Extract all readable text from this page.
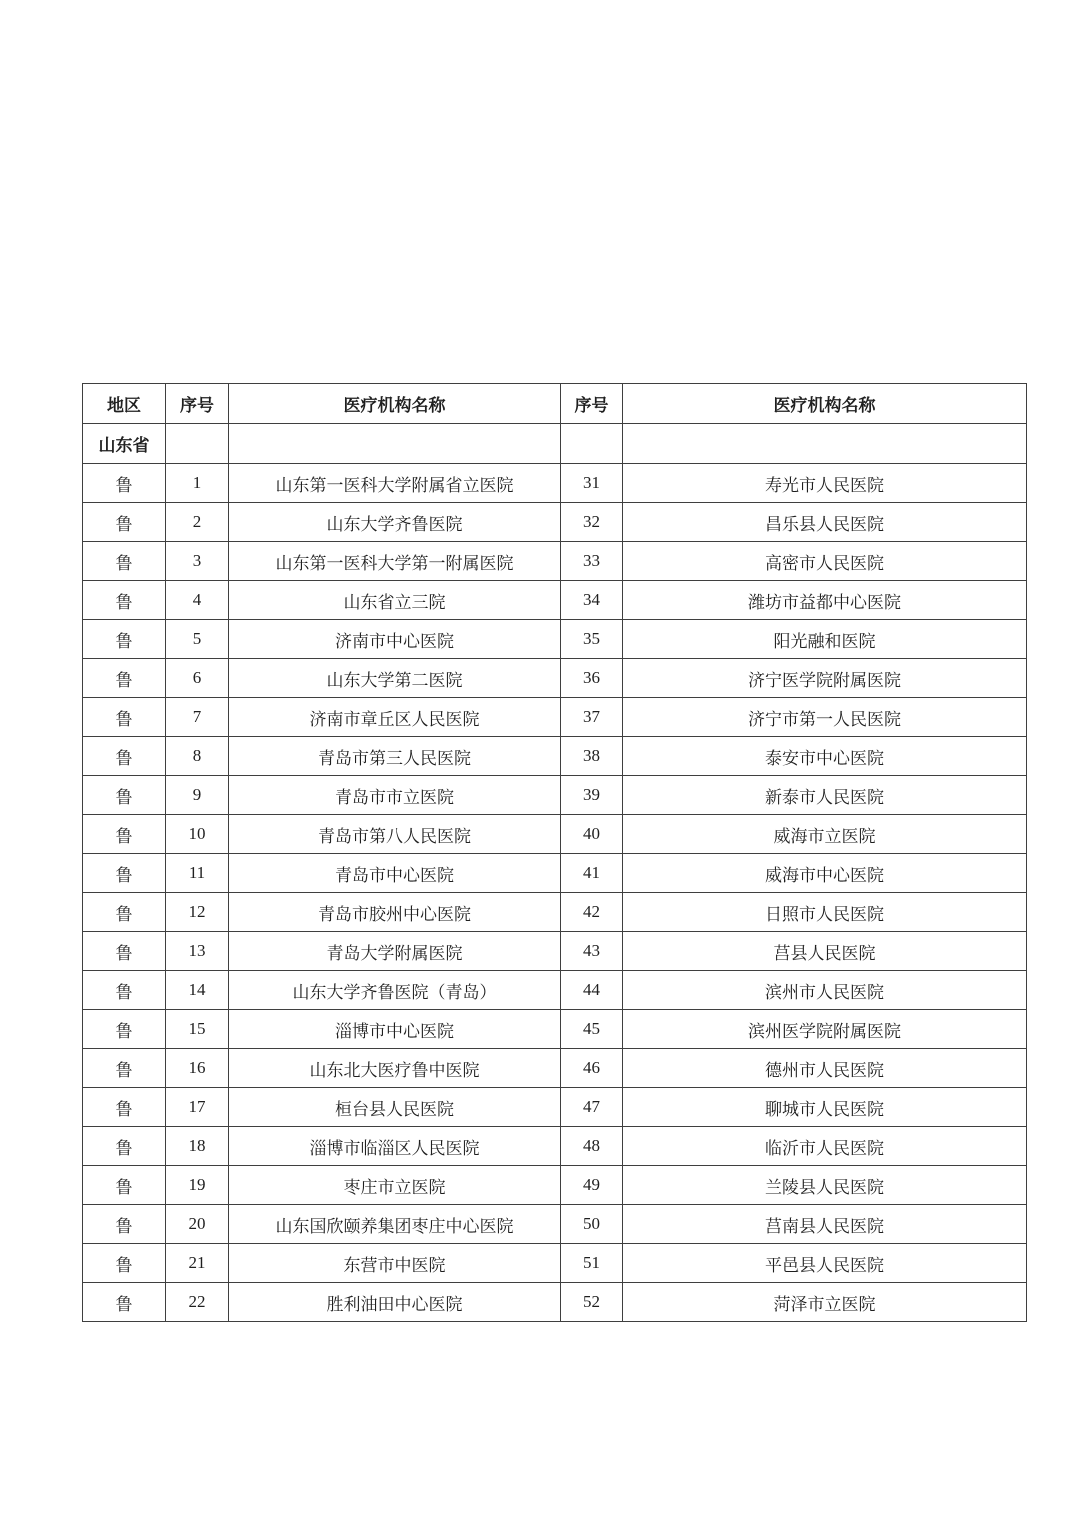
地区	序号	医疗机构名称	序号	医疗机构名称
山东省				
鲁	1	山东第一医科大学附属省立医院	31	寿光市人民医院
鲁	2	山东大学齐鲁医院	32	昌乐县人民医院
鲁	3	山东第一医科大学第一附属医院	33	高密市人民医院
鲁	4	山东省立三院	34	潍坊市益都中心医院
鲁	5	济南市中心医院	35	阳光融和医院
鲁	6	山东大学第二医院	36	济宁医学院附属医院
鲁	7	济南市章丘区人民医院	37	济宁市第一人民医院
鲁	8	青岛市第三人民医院	38	泰安市中心医院
鲁	9	青岛市市立医院	39	新泰市人民医院
鲁	10	青岛市第八人民医院	40	威海市立医院
鲁	11	青岛市中心医院	41	威海市中心医院
鲁	12	青岛市胶州中心医院	42	日照市人民医院
鲁	13	青岛大学附属医院	43	莒县人民医院
鲁	14	山东大学齐鲁医院（青岛）	44	滨州市人民医院
鲁	15	淄博市中心医院	45	滨州医学院附属医院
鲁	16	山东北大医疗鲁中医院	46	德州市人民医院
鲁	17	桓台县人民医院	47	聊城市人民医院
鲁	18	淄博市临淄区人民医院	48	临沂市人民医院
鲁	19	枣庄市立医院	49	兰陵县人民医院
鲁	20	山东国欣颐养集团枣庄中心医院	50	莒南县人民医院
鲁	21	东营市中医院	51	平邑县人民医院
鲁	22	胜利油田中心医院	52	菏泽市立医院
